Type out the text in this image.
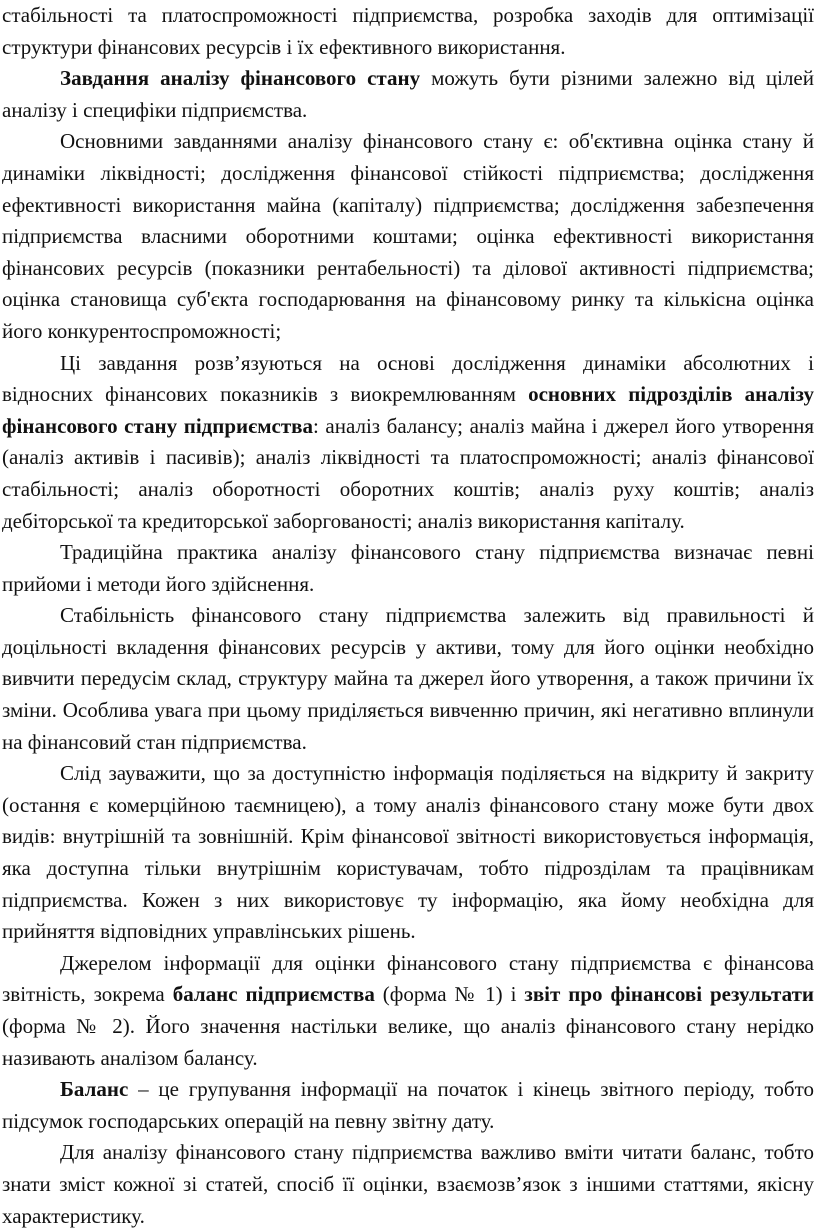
стабільності та платоспроможності підприємства, розробка заходів для оптимізації структури фінансових ресурсів і їх ефективного використання.

Завдання аналізу фінансового стану можуть бути різними залежно від цілей аналізу і специфіки підприємства.

Основними завданнями аналізу фінансового стану є: об'єктивна оцінка стану й динаміки ліквідності; дослідження фінансової стійкості підприємства; дослідження ефективності використання майна (капіталу) підприємства; дослідження забезпечення підприємства власними оборотними коштами; оцінка ефективності використання фінансових ресурсів (показники рентабельності) та ділової активності підприємства; оцінка становища суб'єкта господарювання на фінансовому ринку та кількісна оцінка його конкурентоспроможності;

Ці завдання розв’язуються на основі дослідження динаміки абсолютних і відносних фінансових показників з виокремлюванням основних підрозділів аналізу фінансового стану підприємства: аналіз балансу; аналіз майна і джерел його утворення (аналіз активів і пасивів); аналіз ліквідності та платоспроможності; аналіз фінансової стабільності; аналіз оборотності оборотних коштів; аналіз руху коштів; аналіз дебіторської та кредиторської заборгованості; аналіз використання капіталу.

Традиційна практика аналізу фінансового стану підприємства визначає певні прийоми і методи його здійснення.

Стабільність фінансового стану підприємства залежить від правильності й доцільності вкладення фінансових ресурсів у активи, тому для його оцінки необхідно вивчити передусім склад, структуру майна та джерел його утворення, а також причини їх зміни. Особлива увага при цьому приділяється вивченню причин, які негативно вплинули на фінансовий стан підприємства.

Слід зауважити, що за доступністю інформація поділяється на відкриту й закриту (остання є комерційною таємницею), а тому аналіз фінансового стану може бути двох видів: внутрішній та зовнішній. Крім фінансової звітності використовується інформація, яка доступна тільки внутрішнім користувачам, тобто підрозділам та працівникам підприємства. Кожен з них використовує ту інформацію, яка йому необхідна для прийняття відповідних управлінських рішень.

Джерелом інформації для оцінки фінансового стану підприємства є фінансова звітність, зокрема баланс підприємства (форма № 1) і звіт про фінансові результати (форма № 2). Його значення настільки велике, що аналіз фінансового стану нерідко називають аналізом балансу.

Баланс – це групування інформації на початок і кінець звітного періоду, тобто підсумок господарських операцій на певну звітну дату.

Для аналізу фінансового стану підприємства важливо вміти читати баланс, тобто знати зміст кожної зі статей, спосіб її оцінки, взаємозв’язок з іншими статтями, якісну характеристику.
